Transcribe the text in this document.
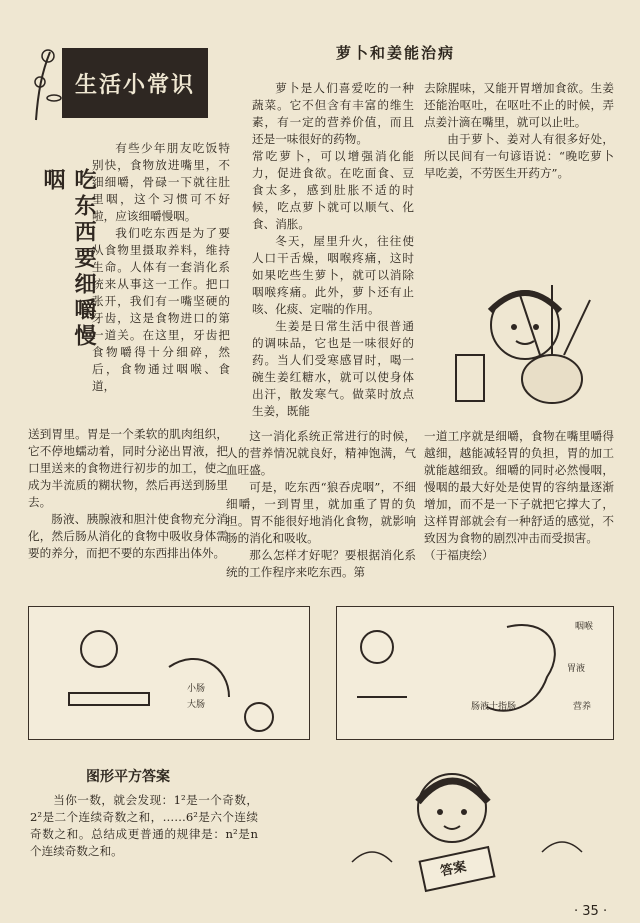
生活小常识
萝卜和姜能治病
吃东西要细嚼慢咽

有些少年朋友吃饭特别快，食物放进嘴里，不细细嚼，骨碌一下就往肚里咽，这个习惯可不好啦，应该细嚼慢咽。

我们吃东西是为了要从食物里摄取养料，维持生命。人体有一套消化系统来从事这一工作。把口张开，我们有一嘴坚硬的牙齿，这是食物进口的第一道关。在这里，牙齿把食物嚼得十分细碎，然后，食物通过咽喉、食道，

送到胃里。胃是一个柔软的肌肉组织，它不停地蠕动着，同时分泌出胃液，把口里送来的食物进行初步的加工，使之成为半流质的糊状物，然后再送到肠里去。

肠液、胰腺液和胆汁使食物充分消化，然后肠从消化的食物中吸收身体需要的养分，而把不要的东西排出体外。

萝卜是人们喜爱吃的一种蔬菜。它不但含有丰富的维生素，有一定的营养价值，而且还是一味很好的药物。

常吃萝卜，可以增强消化能力，促进食欲。在吃面食、豆食太多，感到肚胀不适的时候，吃点萝卜就可以顺气、化食、消胀。

冬天，屋里升火，往往使人口干舌燥，咽喉疼痛，这时如果吃些生萝卜，就可以消除咽喉疼痛。此外，萝卜还有止咳、化痰、定喘的作用。

生姜是日常生活中很普通的调味品，它也是一味很好的药。当人们受寒感冒时，喝一碗生姜红糖水，就可以使身体出汗，散发寒气。做菜时放点生姜，既能

去除腥味，又能开胃增加食欲。生姜还能治呕吐，在呕吐不止的时候，弄点姜汁滴在嘴里，就可以止吐。

由于萝卜、姜对人有很多好处，所以民间有一句谚语说：“晚吃萝卜早吃姜，不劳医生开药方”。

这一消化系统正常进行的时候，人的营养情况就良好，精神饱满，气血旺盛。

可是，吃东西“狼吞虎咽”，不细细嚼，一到胃里，就加重了胃的负担。胃不能很好地消化食物，就影响肠的消化和吸收。

那么怎样才好呢？要根据消化系统的工作程序来吃东西。第

一道工序就是细嚼，食物在嘴里嚼得越细，越能减轻胃的负担，胃的加工就能越细致。细嚼的同时必然慢咽，慢咽的最大好处是使胃的容纳量逐渐增加，而不是一下子就把它撑大了，这样胃部就会有一种舒适的感觉，不致因为食物的剧烈冲击而受损害。

（于福庚绘）

小肠
大肠
咽喉
胃液
营养
肠液十指肠
图形平方答案

当你一数，就会发现：1²是一个奇数，2²是二个连续奇数之和，……6²是六个连续奇数之和。总结成更普通的规律是：n²是n个连续奇数之和。

答案
· 35 ·
